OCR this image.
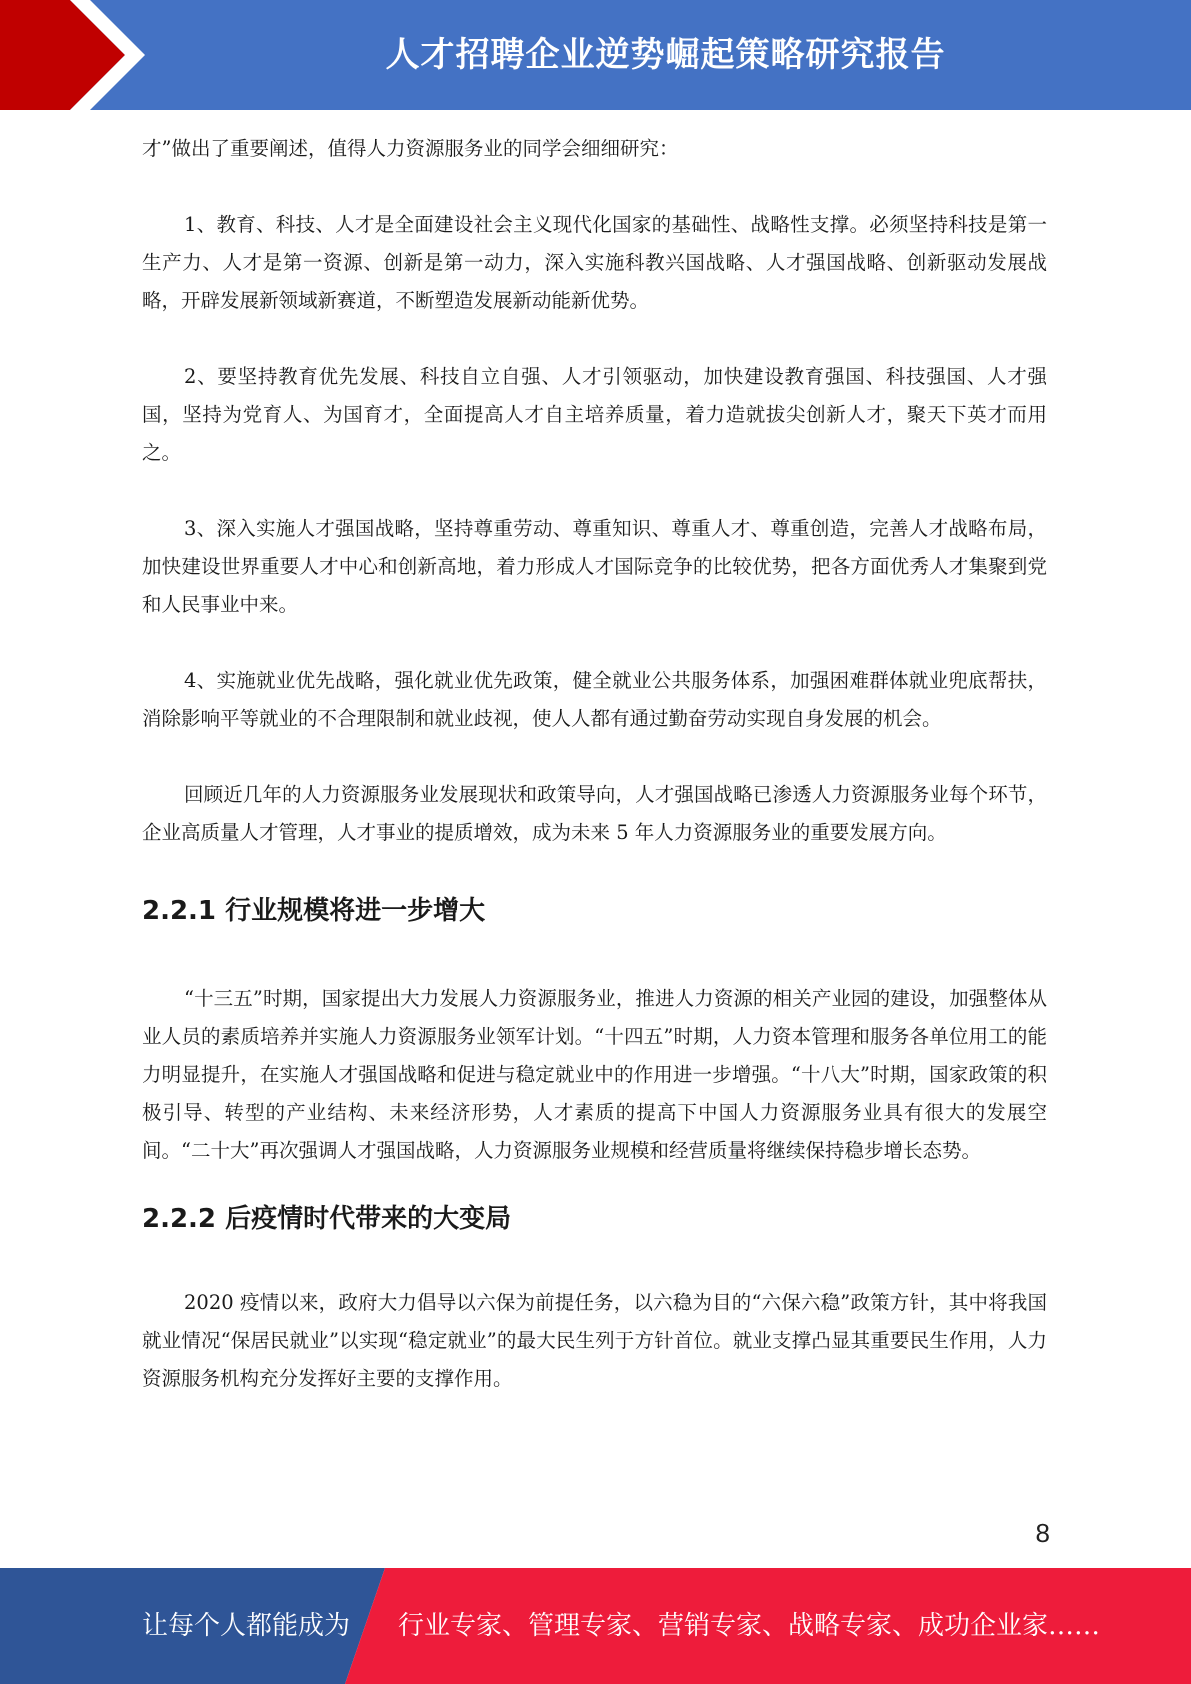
人才招聘企业逆势崛起策略研究报告

才”做出了重要阐述，值得人力资源服务业的同学会细细研究：

1、教育、科技、人才是全面建设社会主义现代化国家的基础性、战略性支撑。必须坚持科技是第一生产力、人才是第一资源、创新是第一动力，深入实施科教兴国战略、人才强国战略、创新驱动发展战略，开辟发展新领域新赛道，不断塑造发展新动能新优势。

2、要坚持教育优先发展、科技自立自强、人才引领驱动，加快建设教育强国、科技强国、人才强国，坚持为党育人、为国育才，全面提高人才自主培养质量，着力造就拔尖创新人才，聚天下英才而用之。

3、深入实施人才强国战略，坚持尊重劳动、尊重知识、尊重人才、尊重创造，完善人才战略布局，加快建设世界重要人才中心和创新高地，着力形成人才国际竞争的比较优势，把各方面优秀人才集聚到党和人民事业中来。

4、实施就业优先战略，强化就业优先政策，健全就业公共服务体系，加强困难群体就业兜底帮扶，消除影响平等就业的不合理限制和就业歧视，使人人都有通过勤奋劳动实现自身发展的机会。

回顾近几年的人力资源服务业发展现状和政策导向，人才强国战略已渗透人力资源服务业每个环节，企业高质量人才管理，人才事业的提质增效，成为未来 5 年人力资源服务业的重要发展方向。

2.2.1 行业规模将进一步增大

“十三五”时期，国家提出大力发展人力资源服务业，推进人力资源的相关产业园的建设，加强整体从业人员的素质培养并实施人力资源服务业领军计划。“十四五”时期，人力资本管理和服务各单位用工的能力明显提升，在实施人才强国战略和促进与稳定就业中的作用进一步增强。“十八大”时期，国家政策的积极引导、转型的产业结构、未来经济形势，人才素质的提高下中国人力资源服务业具有很大的发展空间。“二十大”再次强调人才强国战略，人力资源服务业规模和经营质量将继续保持稳步增长态势。

2.2.2 后疫情时代带来的大变局

2020 疫情以来，政府大力倡导以六保为前提任务，以六稳为目的“六保六稳”政策方针，其中将我国就业情况“保居民就业”以实现“稳定就业”的最大民生列于方针首位。就业支撑凸显其重要民生作用，人力资源服务机构充分发挥好主要的支撑作用。

8
让每个人都能成为 行业专家、管理专家、营销专家、战略专家、成功企业家……
